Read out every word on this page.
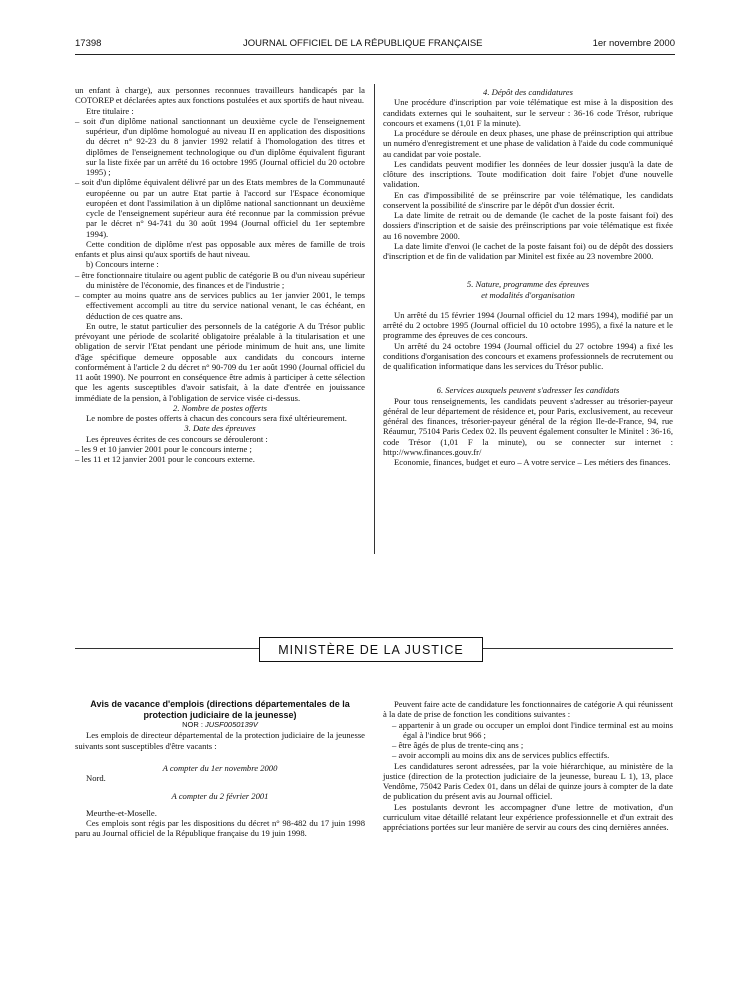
17398	JOURNAL OFFICIEL DE LA RÉPUBLIQUE FRANÇAISE	1er novembre 2000

un enfant à charge), aux personnes reconnues travailleurs handicapés par la COTOREP et déclarées aptes aux fonctions postulées et aux sportifs de haut niveau.

Etre titulaire :

– soit d'un diplôme national sanctionnant un deuxième cycle de l'enseignement supérieur, d'un diplôme homologué au niveau II en application des dispositions du décret n° 92-23 du 8 janvier 1992 relatif à l'homologation des titres et diplômes de l'enseignement technologique ou d'un diplôme équivalent figurant sur la liste fixée par un arrêté du 16 octobre 1995 (Journal officiel du 20 octobre 1995) ;

– soit d'un diplôme équivalent délivré par un des Etats membres de la Communauté européenne ou par un autre Etat partie à l'accord sur l'Espace économique européen et dont l'assimilation à un diplôme national sanctionnant un deuxième cycle de l'enseignement supérieur aura été reconnue par la commission prévue par le décret n° 94-741 du 30 août 1994 (Journal officiel du 1er septembre 1994).

Cette condition de diplôme n'est pas opposable aux mères de famille de trois enfants et plus ainsi qu'aux sportifs de haut niveau.

b) Concours interne :

– être fonctionnaire titulaire ou agent public de catégorie B ou d'un niveau supérieur du ministère de l'économie, des finances et de l'industrie ;

– compter au moins quatre ans de services publics au 1er janvier 2001, le temps effectivement accompli au titre du service national venant, le cas échéant, en déduction de ces quatre ans.

En outre, le statut particulier des personnels de la catégorie A du Trésor public prévoyant une période de scolarité obligatoire préalable à la titularisation et une obligation de servir l'Etat pendant une période minimum de huit ans, une limite d'âge spécifique demeure opposable aux candidats du concours interne conformément à l'article 2 du décret n° 90-709 du 1er août 1990 (Journal officiel du 11 août 1990). Ne pourront en conséquence être admis à participer à cette sélection que les agents susceptibles d'avoir satisfait, à la date d'entrée en jouissance immédiate de la pension, à l'obligation de service visée ci-dessus.

2. Nombre de postes offerts

Le nombre de postes offerts à chacun des concours sera fixé ultérieurement.

3. Date des épreuves

Les épreuves écrites de ces concours se dérouleront :

– les 9 et 10 janvier 2001 pour le concours interne ;

– les 11 et 12 janvier 2001 pour le concours externe.

4. Dépôt des candidatures

Une procédure d'inscription par voie télématique est mise à la disposition des candidats externes qui le souhaitent, sur le serveur : 36-16 code Trésor, rubrique concours et examens (1,01 F la minute).

La procédure se déroule en deux phases, une phase de préinscription qui attribue un numéro d'enregistrement et une phase de validation à l'aide du code communiqué au candidat par voie postale.

Les candidats peuvent modifier les données de leur dossier jusqu'à la date de clôture des inscriptions. Toute modification doit faire l'objet d'une nouvelle validation.

En cas d'impossibilité de se préinscrire par voie télématique, les candidats conservent la possibilité de s'inscrire par le dépôt d'un dossier écrit.

La date limite de retrait ou de demande (le cachet de la poste faisant foi) des dossiers d'inscription et de saisie des préinscriptions par voie télématique est fixée au 16 novembre 2000.

La date limite d'envoi (le cachet de la poste faisant foi) ou de dépôt des dossiers d'inscription et de fin de validation par Minitel est fixée au 23 novembre 2000.

5. Nature, programme des épreuves

et modalités d'organisation

Un arrêté du 15 février 1994 (Journal officiel du 12 mars 1994), modifié par un arrêté du 2 octobre 1995 (Journal officiel du 10 octobre 1995), a fixé la nature et le programme des épreuves de ces concours.

Un arrêté du 24 octobre 1994 (Journal officiel du 27 octobre 1994) a fixé les conditions d'organisation des concours et examens professionnels de recrutement ou de qualification informatique dans les services du Trésor public.

6. Services auxquels peuvent s'adresser les candidats

Pour tous renseignements, les candidats peuvent s'adresser au trésorier-payeur général de leur département de résidence et, pour Paris, exclusivement, au receveur général des finances, trésorier-payeur général de la région Ile-de-France, 94, rue Réaumur, 75104 Paris Cedex 02. Ils peuvent également consulter le Minitel : 36-16, code Trésor (1,01 F la minute), ou se connecter sur internet : http://www.finances.gouv.fr/

Economie, finances, budget et euro – A votre service – Les métiers des finances.

MINISTÈRE DE LA JUSTICE

Avis de vacance d'emplois (directions départementales de la protection judiciaire de la jeunesse)

NOR : JUSF0050139V

Les emplois de directeur départemental de la protection judiciaire de la jeunesse suivants sont susceptibles d'être vacants :

A compter du 1er novembre 2000

Nord.

A compter du 2 février 2001

Meurthe-et-Moselle.

Ces emplois sont régis par les dispositions du décret n° 98-482 du 17 juin 1998 paru au Journal officiel de la République française du 19 juin 1998.

Peuvent faire acte de candidature les fonctionnaires de catégorie A qui réunissent à la date de prise de fonction les conditions suivantes :

– appartenir à un grade ou occuper un emploi dont l'indice terminal est au moins égal à l'indice brut 966 ;

– être âgés de plus de trente-cinq ans ;

– avoir accompli au moins dix ans de services publics effectifs.

Les candidatures seront adressées, par la voie hiérarchique, au ministère de la justice (direction de la protection judiciaire de la jeunesse, bureau L 1), 13, place Vendôme, 75042 Paris Cedex 01, dans un délai de quinze jours à compter de la date de publication du présent avis au Journal officiel.

Les postulants devront les accompagner d'une lettre de motivation, d'un curriculum vitae détaillé relatant leur expérience professionnelle et d'un extrait des appréciations portées sur leur manière de servir au cours des cinq dernières années.
